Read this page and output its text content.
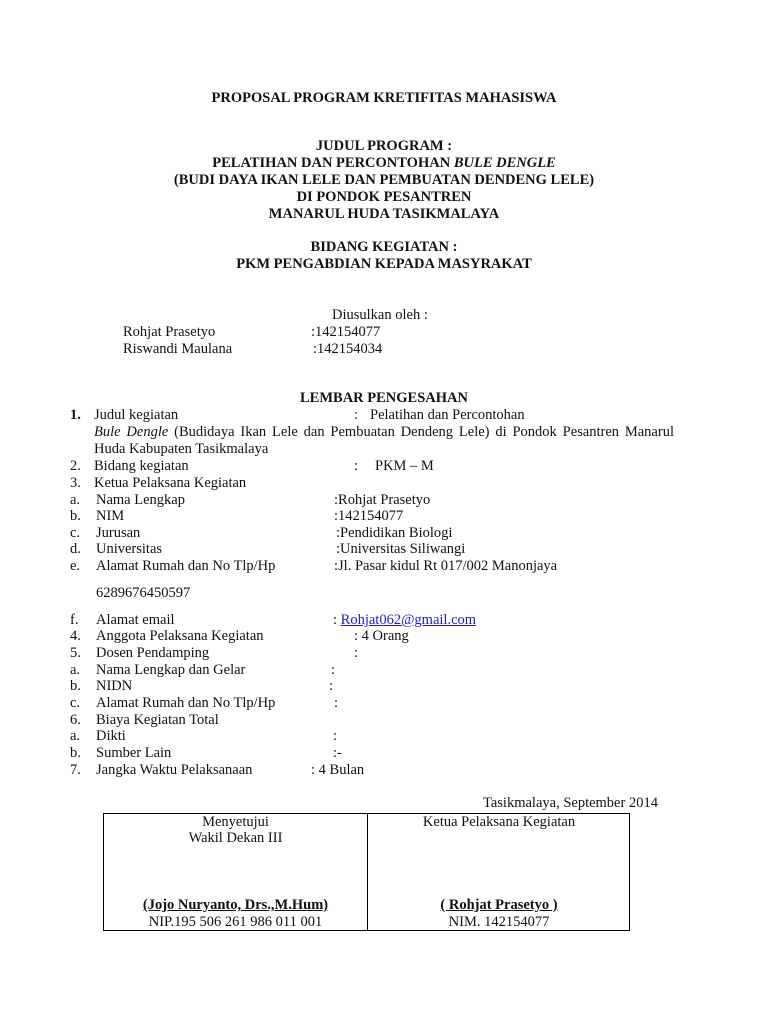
PROPOSAL PROGRAM KRETIFITAS MAHASISWA
JUDUL PROGRAM :
PELATIHAN DAN PERCONTOHAN BULE DENGLE
(BUDI DAYA IKAN LELE DAN PEMBUATAN DENDENG LELE)
DI PONDOK PESANTREN
MANARUL HUDA TASIKMALAYA
BIDANG KEGIATAN :
PKM PENGABDIAN KEPADA MASYRAKAT
Diusulkan oleh :
Rohjat Prasetyo	:142154077
Riswandi Maulana	:142154034
LEMBAR PENGESAHAN
1. Judul kegiatan	: Pelatihan dan Percontohan
Bule Dengle (Budidaya Ikan Lele dan Pembuatan Dendeng Lele) di Pondok Pesantren Manarul Huda Kabupaten Tasikmalaya
2. Bidang kegiatan	: PKM – M
3. Ketua Pelaksana Kegiatan
a. Nama Lengkap	:Rohjat Prasetyo
b. NIM	:142154077
c. Jurusan	:Pendidikan Biologi
d. Universitas	:Universitas Siliwangi
e. Alamat Rumah dan No Tlp/Hp	:Jl. Pasar kidul Rt 017/002 Manonjaya
6289676450597
f. Alamat email	: Rohjat062@gmail.com
4. Anggota Pelaksana Kegiatan	: 4 Orang
5. Dosen Pendamping	:
a. Nama Lengkap dan Gelar	:
b. NIDN	:
c. Alamat Rumah dan No Tlp/Hp	:
6. Biaya Kegiatan Total
a. Dikti	:
b. Sumber Lain	:-
7. Jangka Waktu Pelaksanaan	: 4 Bulan
Tasikmalaya, September 2014
Menyetujui
Wakil Dekan III
(Jojo Nuryanto, Drs.,M.Hum)
NIP.195 506 261 986 011 001
Ketua Pelaksana Kegiatan
( Rohjat Prasetyo )
NIM. 142154077
